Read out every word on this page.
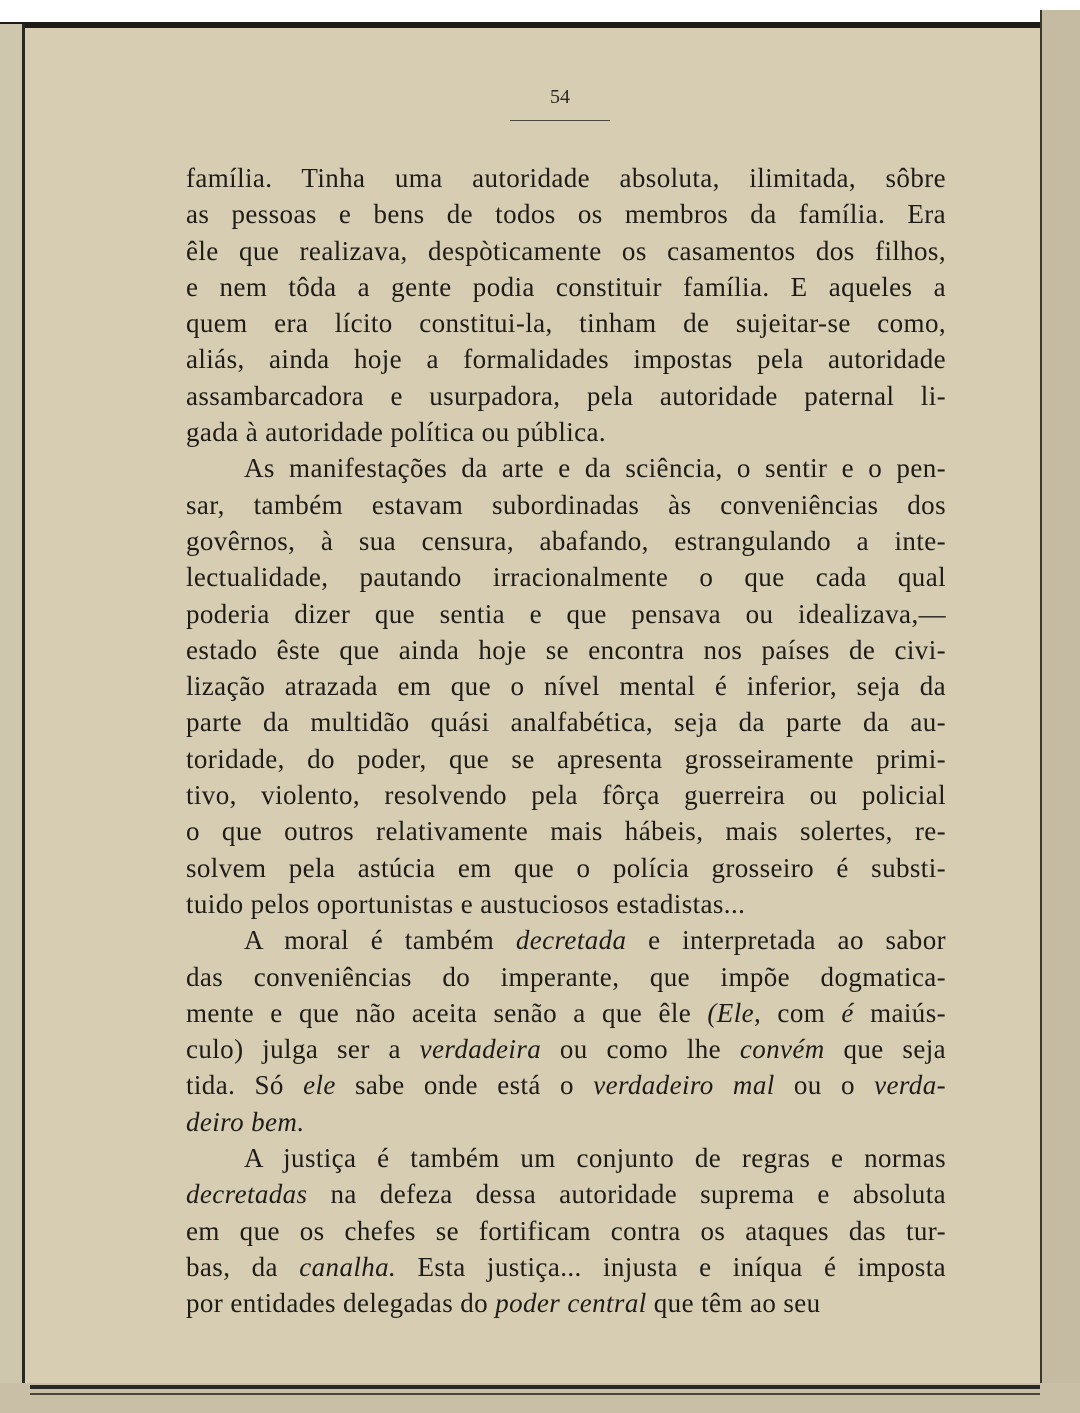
54
família. Tinha uma autoridade absoluta, ilimitada, sôbre
as pessoas e bens de todos os membros da família. Era
êle que realizava, despòticamente os casamentos dos filhos,
e nem tôda a gente podia constituir família. E aqueles a
quem era lícito constitui-la, tinham de sujeitar-se como,
aliás, ainda hoje a formalidades impostas pela autoridade
assambarcadora e usurpadora, pela autoridade paternal li-
gada à autoridade política ou pública.
As manifestações da arte e da sciência, o sentir e o pen-
sar, também estavam subordinadas às conveniências dos
govêrnos, à sua censura, abafando, estrangulando a inte-
lectualidade, pautando irracionalmente o que cada qual
poderia dizer que sentia e que pensava ou idealizava,—
estado êste que ainda hoje se encontra nos países de civi-
lização atrazada em que o nível mental é inferior, seja da
parte da multidão quási analfabética, seja da parte da au-
toridade, do poder, que se apresenta grosseiramente primi-
tivo, violento, resolvendo pela fôrça guerreira ou policial
o que outros relativamente mais hábeis, mais solertes, re-
solvem pela astúcia em que o polícia grosseiro é substi-
tuido pelos oportunistas e austuciosos estadistas...
A moral é também decretada e interpretada ao sabor
das conveniências do imperante, que impõe dogmatica-
mente e que não aceita senão a que êle (Ele, com é maiús-
culo) julga ser a verdadeira ou como lhe convém que seja
tida. Só ele sabe onde está o verdadeiro mal ou o verda-
deiro bem.
A justiça é também um conjunto de regras e normas
decretadas na defeza dessa autoridade suprema e absoluta
em que os chefes se fortificam contra os ataques das tur-
bas, da canalha. Esta justiça... injusta e iníqua é imposta
por entidades delegadas do poder central que têm ao seu
